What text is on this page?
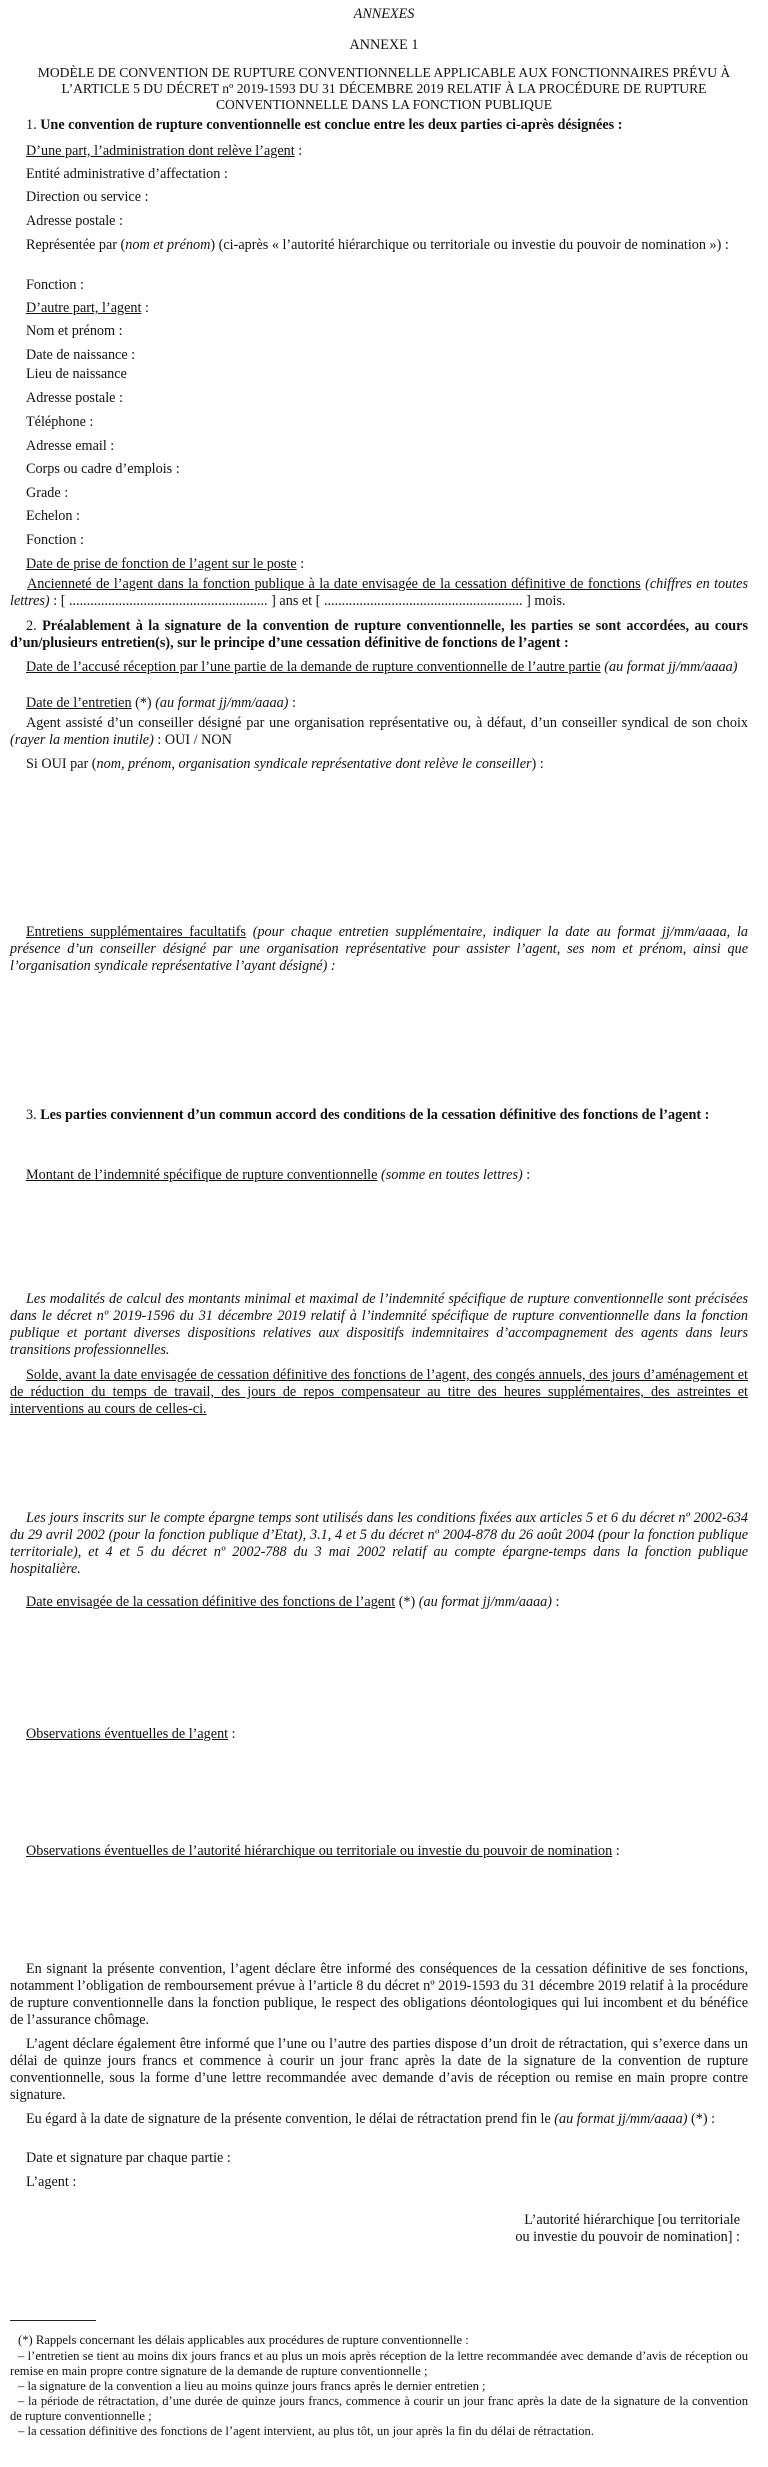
ANNEXES

ANNEXE 1

MODÈLE DE CONVENTION DE RUPTURE CONVENTIONNELLE APPLICABLE AUX FONCTIONNAIRES PRÉVU À L’ARTICLE 5 DU DÉCRET nº 2019-1593 DU 31 DÉCEMBRE 2019 RELATIF À LA PROCÉDURE DE RUPTURE CONVENTIONNELLE DANS LA FONCTION PUBLIQUE

1. Une convention de rupture conventionnelle est conclue entre les deux parties ci-après désignées :

D’une part, l’administration dont relève l’agent :

Entité administrative d’affectation :

Direction ou service :

Adresse postale :

Représentée par (nom et prénom) (ci-après « l’autorité hiérarchique ou territoriale ou investie du pouvoir de nomination ») :

Fonction :

D’autre part, l’agent :

Nom et prénom :

Date de naissance :

Lieu de naissance

Adresse postale :

Téléphone :

Adresse email :

Corps ou cadre d’emplois :

Grade :

Echelon :

Fonction :

Date de prise de fonction de l’agent sur le poste :

Ancienneté de l’agent dans la fonction publique à la date envisagée de la cessation définitive de fonctions (chiffres en toutes lettres) : [ ........................................................ ] ans et [ ........................................................ ] mois.

2. Préalablement à la signature de la convention de rupture conventionnelle, les parties se sont accordées, au cours d’un/plusieurs entretien(s), sur le principe d’une cessation définitive de fonctions de l’agent :

Date de l’accusé réception par l’une partie de la demande de rupture conventionnelle de l’autre partie (au format jj/mm/aaaa)

Date de l’entretien (*) (au format jj/mm/aaaa) :

Agent assisté d’un conseiller désigné par une organisation représentative ou, à défaut, d’un conseiller syndical de son choix (rayer la mention inutile) : OUI / NON

Si OUI par (nom, prénom, organisation syndicale représentative dont relève le conseiller) :

Entretiens supplémentaires facultatifs (pour chaque entretien supplémentaire, indiquer la date au format jj/mm/aaaa, la présence d’un conseiller désigné par une organisation représentative pour assister l’agent, ses nom et prénom, ainsi que l’organisation syndicale représentative l’ayant désigné) :

3. Les parties conviennent d’un commun accord des conditions de la cessation définitive des fonctions de l’agent :

Montant de l’indemnité spécifique de rupture conventionnelle (somme en toutes lettres) :

Les modalités de calcul des montants minimal et maximal de l’indemnité spécifique de rupture conventionnelle sont précisées dans le décret nº 2019-1596 du 31 décembre 2019 relatif à l’indemnité spécifique de rupture conventionnelle dans la fonction publique et portant diverses dispositions relatives aux dispositifs indemnitaires d’accompagnement des agents dans leurs transitions professionnelles.

Solde, avant la date envisagée de cessation définitive des fonctions de l’agent, des congés annuels, des jours d’aménagement et de réduction du temps de travail, des jours de repos compensateur au titre des heures supplémentaires, des astreintes et interventions au cours de celles-ci.

Les jours inscrits sur le compte épargne temps sont utilisés dans les conditions fixées aux articles 5 et 6 du décret nº 2002-634 du 29 avril 2002 (pour la fonction publique d’Etat), 3.1, 4 et 5 du décret nº 2004-878 du 26 août 2004 (pour la fonction publique territoriale), et 4 et 5 du décret nº 2002-788 du 3 mai 2002 relatif au compte épargne-temps dans la fonction publique hospitalière.

Date envisagée de la cessation définitive des fonctions de l’agent (*) (au format jj/mm/aaaa) :

Observations éventuelles de l’agent :

Observations éventuelles de l’autorité hiérarchique ou territoriale ou investie du pouvoir de nomination :

En signant la présente convention, l’agent déclare être informé des conséquences de la cessation définitive de ses fonctions, notamment l’obligation de remboursement prévue à l’article 8 du décret nº 2019-1593 du 31 décembre 2019 relatif à la procédure de rupture conventionnelle dans la fonction publique, le respect des obligations déontologiques qui lui incombent et du bénéfice de l’assurance chômage.

L’agent déclare également être informé que l’une ou l’autre des parties dispose d’un droit de rétractation, qui s’exerce dans un délai de quinze jours francs et commence à courir un jour franc après la date de la signature de la convention de rupture conventionnelle, sous la forme d’une lettre recommandée avec demande d’avis de réception ou remise en main propre contre signature.

Eu égard à la date de signature de la présente convention, le délai de rétractation prend fin le (au format jj/mm/aaaa) (*) :

Date et signature par chaque partie :

L’agent :

L’autorité hiérarchique [ou territoriale

ou investie du pouvoir de nomination] :

(*) Rappels concernant les délais applicables aux procédures de rupture conventionnelle :

– l’entretien se tient au moins dix jours francs et au plus un mois après réception de la lettre recommandée avec demande d’avis de réception ou remise en main propre contre signature de la demande de rupture conventionnelle ;

– la signature de la convention a lieu au moins quinze jours francs après le dernier entretien ;

– la période de rétractation, d’une durée de quinze jours francs, commence à courir un jour franc après la date de la signature de la convention de rupture conventionnelle ;

– la cessation définitive des fonctions de l’agent intervient, au plus tôt, un jour après la fin du délai de rétractation.
